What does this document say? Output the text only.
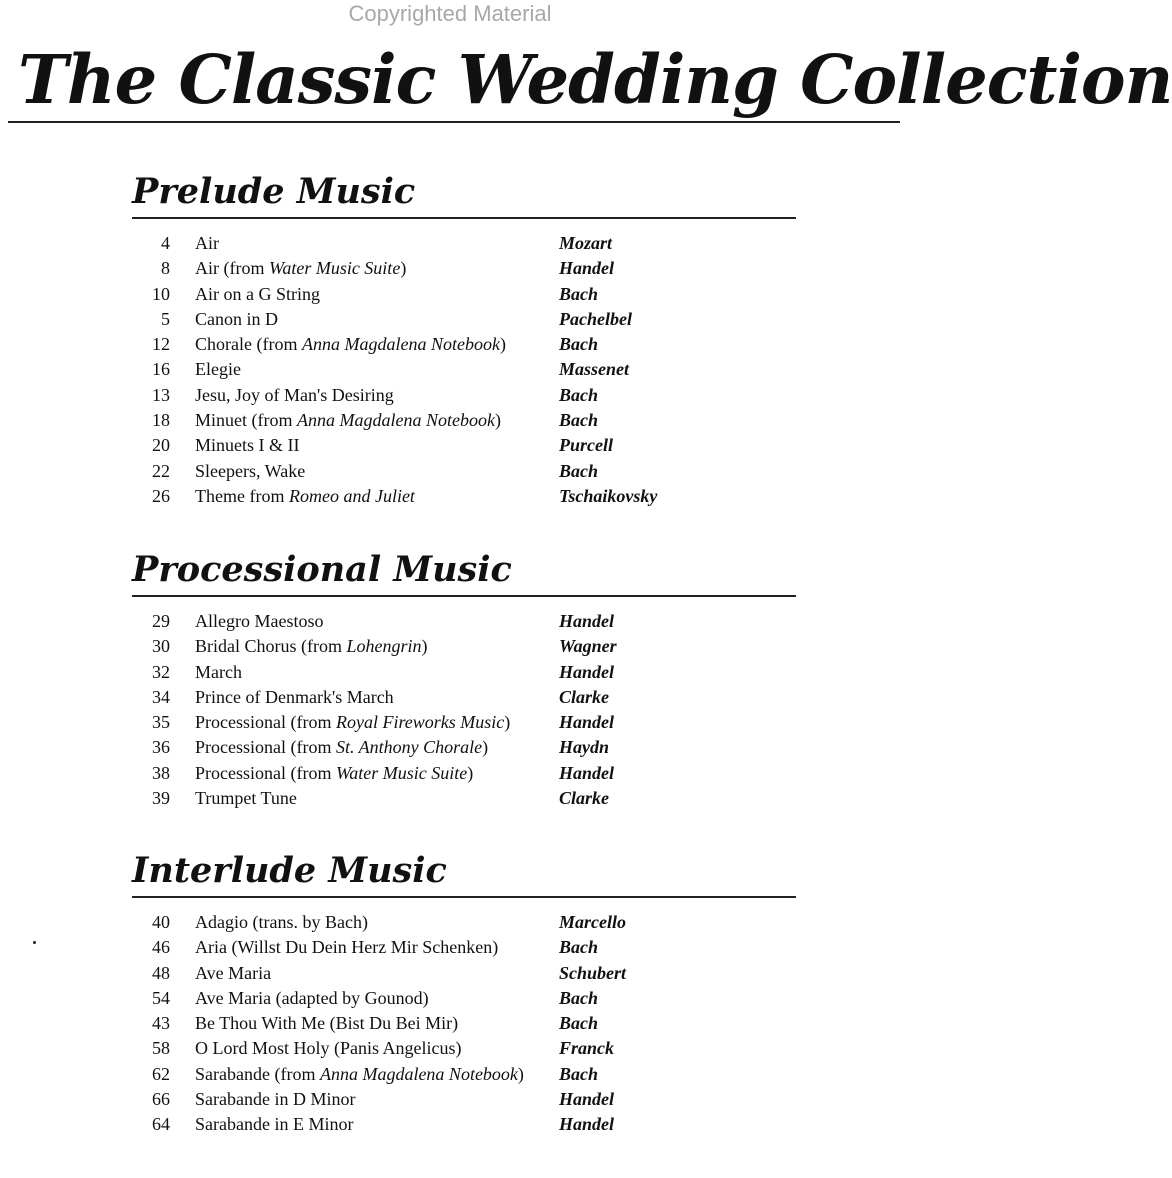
Copyrighted Material
The Classic Wedding Collection
Prelude Music
4	Air	Mozart
8	Air (from Water Music Suite)	Handel
10	Air on a G String	Bach
5	Canon in D	Pachelbel
12	Chorale (from Anna Magdalena Notebook)	Bach
16	Elegie	Massenet
13	Jesu, Joy of Man's Desiring	Bach
18	Minuet (from Anna Magdalena Notebook)	Bach
20	Minuets I & II	Purcell
22	Sleepers, Wake	Bach
26	Theme from Romeo and Juliet	Tschaikovsky
Processional Music
29	Allegro Maestoso	Handel
30	Bridal Chorus (from Lohengrin)	Wagner
32	March	Handel
34	Prince of Denmark's March	Clarke
35	Processional (from Royal Fireworks Music)	Handel
36	Processional (from St. Anthony Chorale)	Haydn
38	Processional (from Water Music Suite)	Handel
39	Trumpet Tune	Clarke
Interlude Music
40	Adagio (trans. by Bach)	Marcello
46	Aria (Willst Du Dein Herz Mir Schenken)	Bach
48	Ave Maria	Schubert
54	Ave Maria (adapted by Gounod)	Bach
43	Be Thou With Me (Bist Du Bei Mir)	Bach
58	O Lord Most Holy (Panis Angelicus)	Franck
62	Sarabande (from Anna Magdalena Notebook)	Bach
66	Sarabande in D Minor	Handel
64	Sarabande in E Minor	Handel
